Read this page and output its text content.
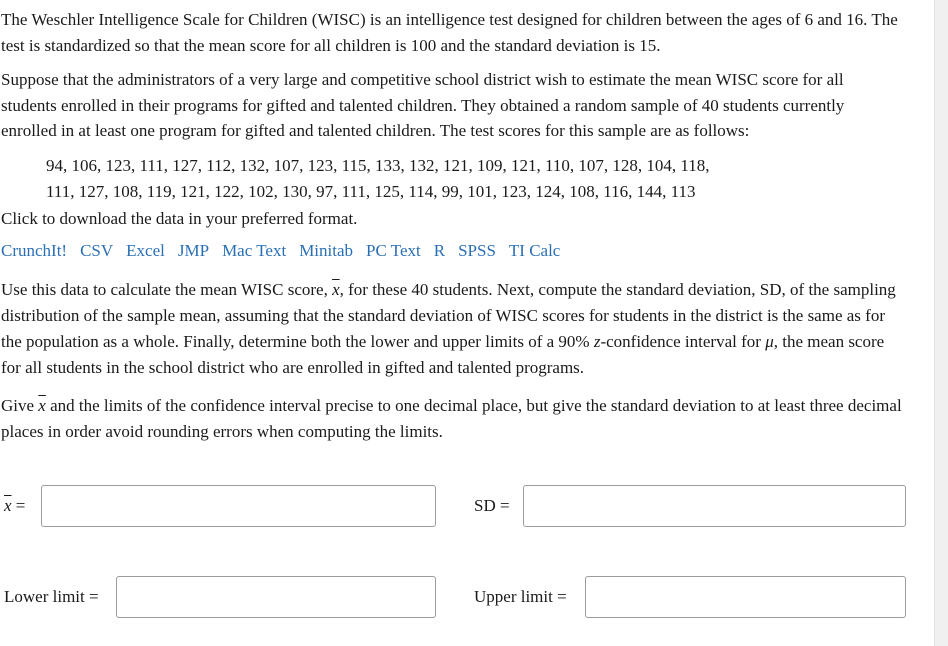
The Weschler Intelligence Scale for Children (WISC) is an intelligence test designed for children between the ages of 6 and 16. The test is standardized so that the mean score for all children is 100 and the standard deviation is 15.

Suppose that the administrators of a very large and competitive school district wish to estimate the mean WISC score for all students enrolled in their programs for gifted and talented children. They obtained a random sample of 40 students currently enrolled in at least one program for gifted and talented children. The test scores for this sample are as follows:

94, 106, 123, 111, 127, 112, 132, 107, 123, 115, 133, 132, 121, 109, 121, 110, 107, 128, 104, 118,
111, 127, 108, 119, 121, 122, 102, 130, 97, 111, 125, 114, 99, 101, 123, 124, 108, 116, 144, 113

Click to download the data in your preferred format.

CrunchIt! CSV Excel JMP Mac Text Minitab PC Text R SPSS TI Calc

Use this data to calculate the mean WISC score, $\overline{x}$, for these 40 students. Next, compute the standard deviation, SD, of the sampling distribution of the sample mean, assuming that the standard deviation of WISC scores for students in the district is the same as for the population as a whole. Finally, determine both the lower and upper limits of a 90% z-confidence interval for μ, the mean score for all students in the school district who are enrolled in gifted and talented programs.

Give $\overline{x}$ and the limits of the confidence interval precise to one decimal place, but give the standard deviation to at least three decimal places in order avoid rounding errors when computing the limits.

$\overline{x}$ =	SD =
Lower limit =	Upper limit =
